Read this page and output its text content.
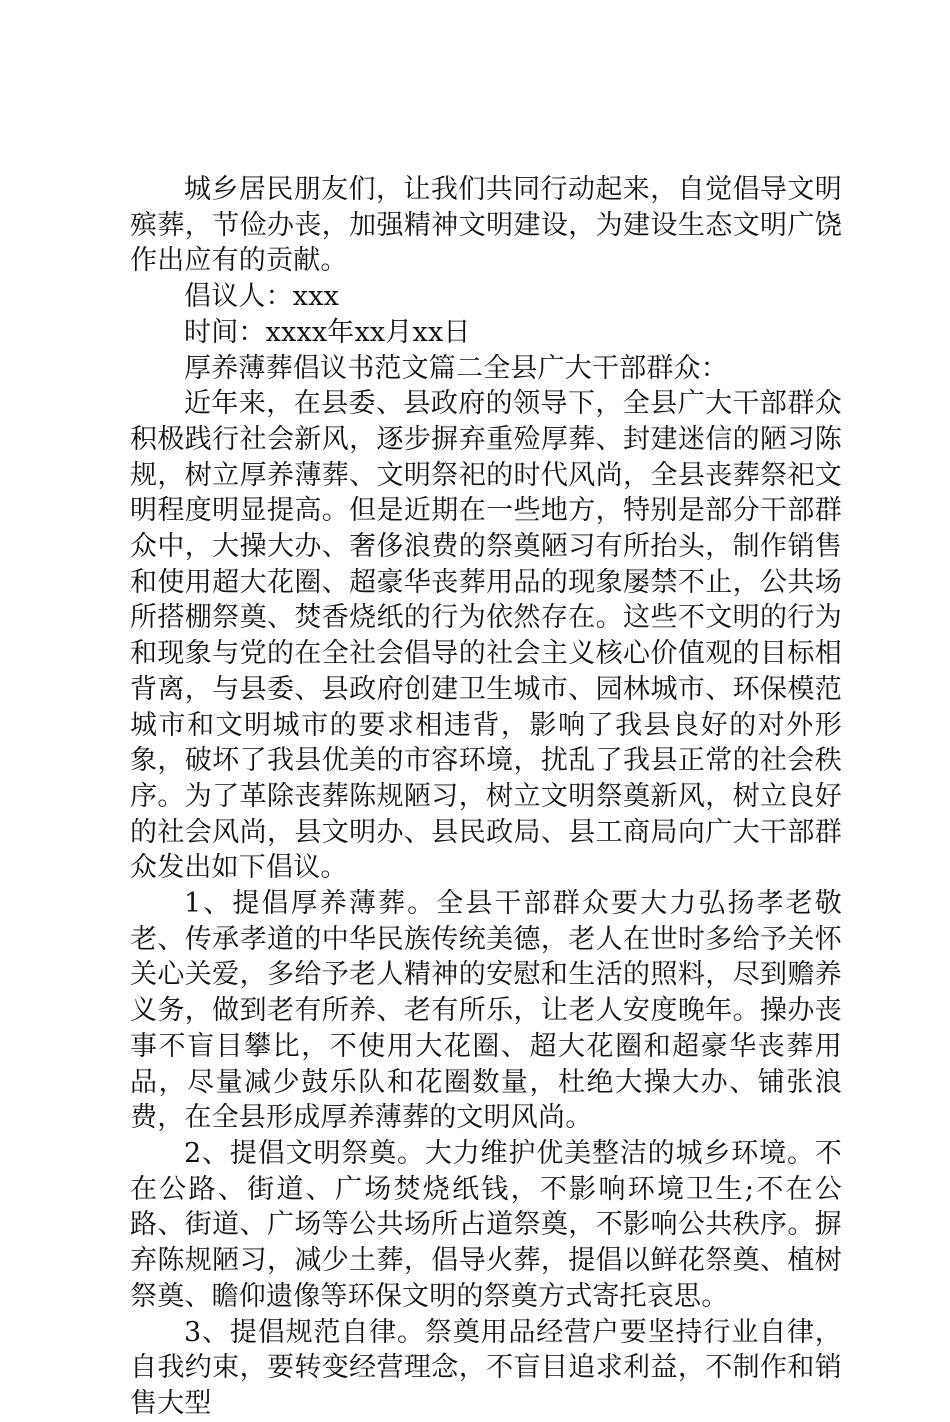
城乡居民朋友们，让我们共同行动起来，自觉倡导文明殡葬，节俭办丧，加强精神文明建设，为建设生态文明广饶作出应有的贡献。

倡议人：xxx

时间：xxxx年xx月xx日

厚养薄葬倡议书范文篇二全县广大干部群众：

近年来，在县委、县政府的领导下，全县广大干部群众积极践行社会新风，逐步摒弃重殓厚葬、封建迷信的陋习陈规，树立厚养薄葬、文明祭祀的时代风尚，全县丧葬祭祀文明程度明显提高。但是近期在一些地方，特别是部分干部群众中，大操大办、奢侈浪费的祭奠陋习有所抬头，制作销售和使用超大花圈、超豪华丧葬用品的现象屡禁不止，公共场所搭棚祭奠、焚香烧纸的行为依然存在。这些不文明的行为和现象与党的在全社会倡导的社会主义核心价值观的目标相背离，与县委、县政府创建卫生城市、园林城市、环保模范城市和文明城市的要求相违背，影响了我县良好的对外形象，破坏了我县优美的市容环境，扰乱了我县正常的社会秩序。为了革除丧葬陈规陋习，树立文明祭奠新风，树立良好的社会风尚，县文明办、县民政局、县工商局向广大干部群众发出如下倡议。

1、提倡厚养薄葬。全县干部群众要大力弘扬孝老敬老、传承孝道的中华民族传统美德，老人在世时多给予关怀关心关爱，多给予老人精神的安慰和生活的照料，尽到赡养义务，做到老有所养、老有所乐，让老人安度晚年。操办丧事不盲目攀比，不使用大花圈、超大花圈和超豪华丧葬用品，尽量减少鼓乐队和花圈数量，杜绝大操大办、铺张浪费，在全县形成厚养薄葬的文明风尚。

2、提倡文明祭奠。大力维护优美整洁的城乡环境。不在公路、街道、广场焚烧纸钱，不影响环境卫生;不在公路、街道、广场等公共场所占道祭奠，不影响公共秩序。摒弃陈规陋习，减少土葬，倡导火葬，提倡以鲜花祭奠、植树祭奠、瞻仰遗像等环保文明的祭奠方式寄托哀思。

3、提倡规范自律。祭奠用品经营户要坚持行业自律，自我约束，要转变经营理念，不盲目追求利益，不制作和销售大型
